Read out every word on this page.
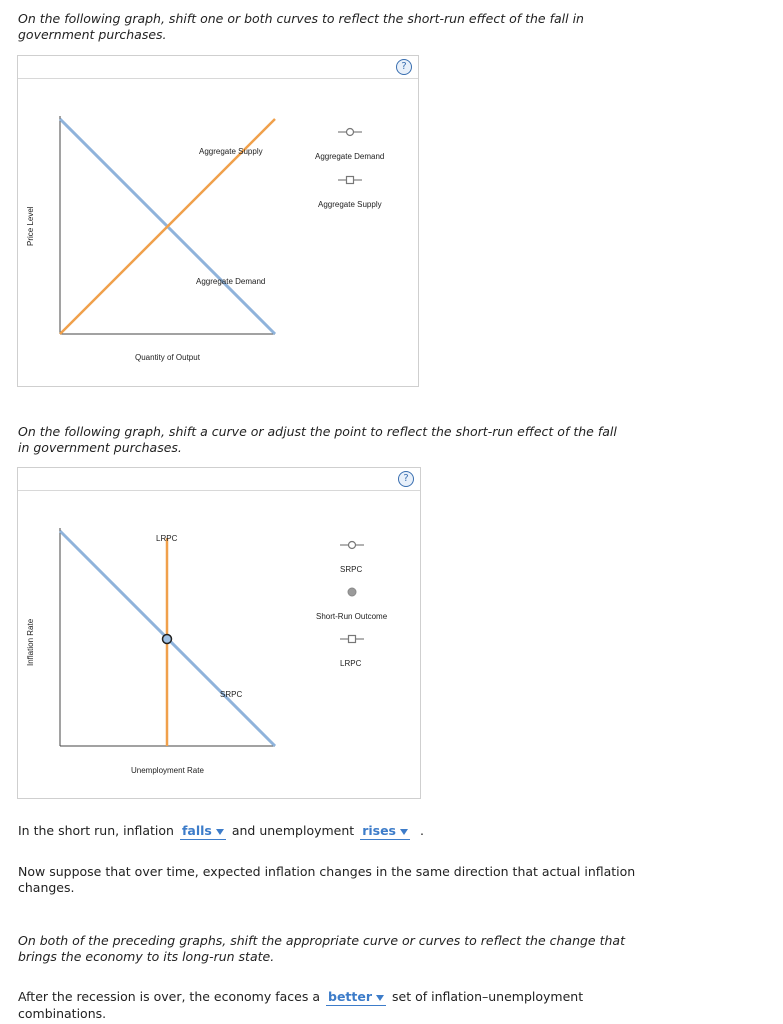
On the following graph, shift one or both curves to reflect the short-run effect of the fall in government purchases.
?
Aggregate Supply
Aggregate Demand
Price Level
Quantity of Output
Aggregate Demand
Aggregate Supply
On the following graph, shift a curve or adjust the point to reflect the short-run effect of the fall in government purchases.
?
LRPC
SRPC
Inflation Rate
Unemployment Rate
SRPC
Short-Run Outcome
LRPC
In the short run, inflation falls and unemployment rises .
Now suppose that over time, expected inflation changes in the same direction that actual inflation changes.
On both of the preceding graphs, shift the appropriate curve or curves to reflect the change that brings the economy to its long-run state.
After the recession is over, the economy faces a better set of inflation–unemployment combinations.
